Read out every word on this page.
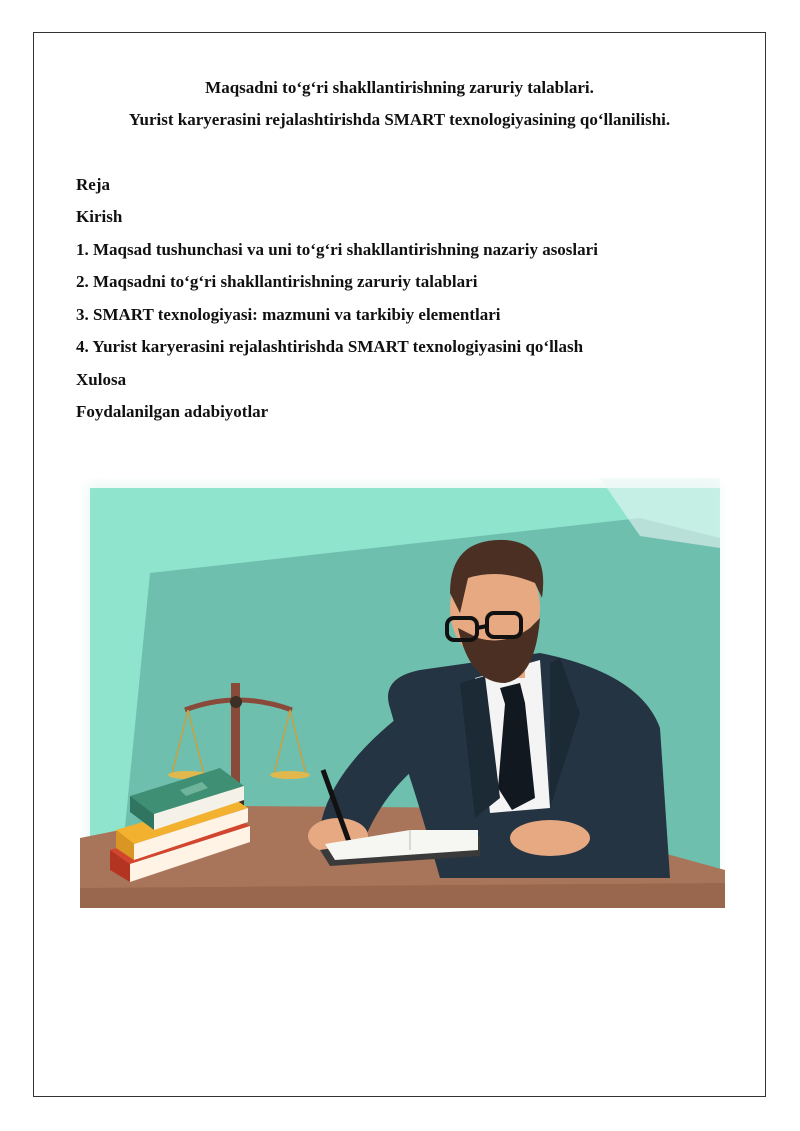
Maqsadni to‘g‘ri shakllantirishning zaruriy talablari.
Yurist karyerasini rejalashtirishda SMART texnologiyasining qo‘llanilishi.
Reja
Kirish
1. Maqsad tushunchasi va uni to‘g‘ri shakllantirishning nazariy asoslari
2. Maqsadni to‘g‘ri shakllantirishning zaruriy talablari
3. SMART texnologiyasi: mazmuni va tarkibiy elementlari
4. Yurist karyerasini rejalashtirishda SMART texnologiyasini qo‘llash
Xulosa
Foydalanilgan adabiyotlar
